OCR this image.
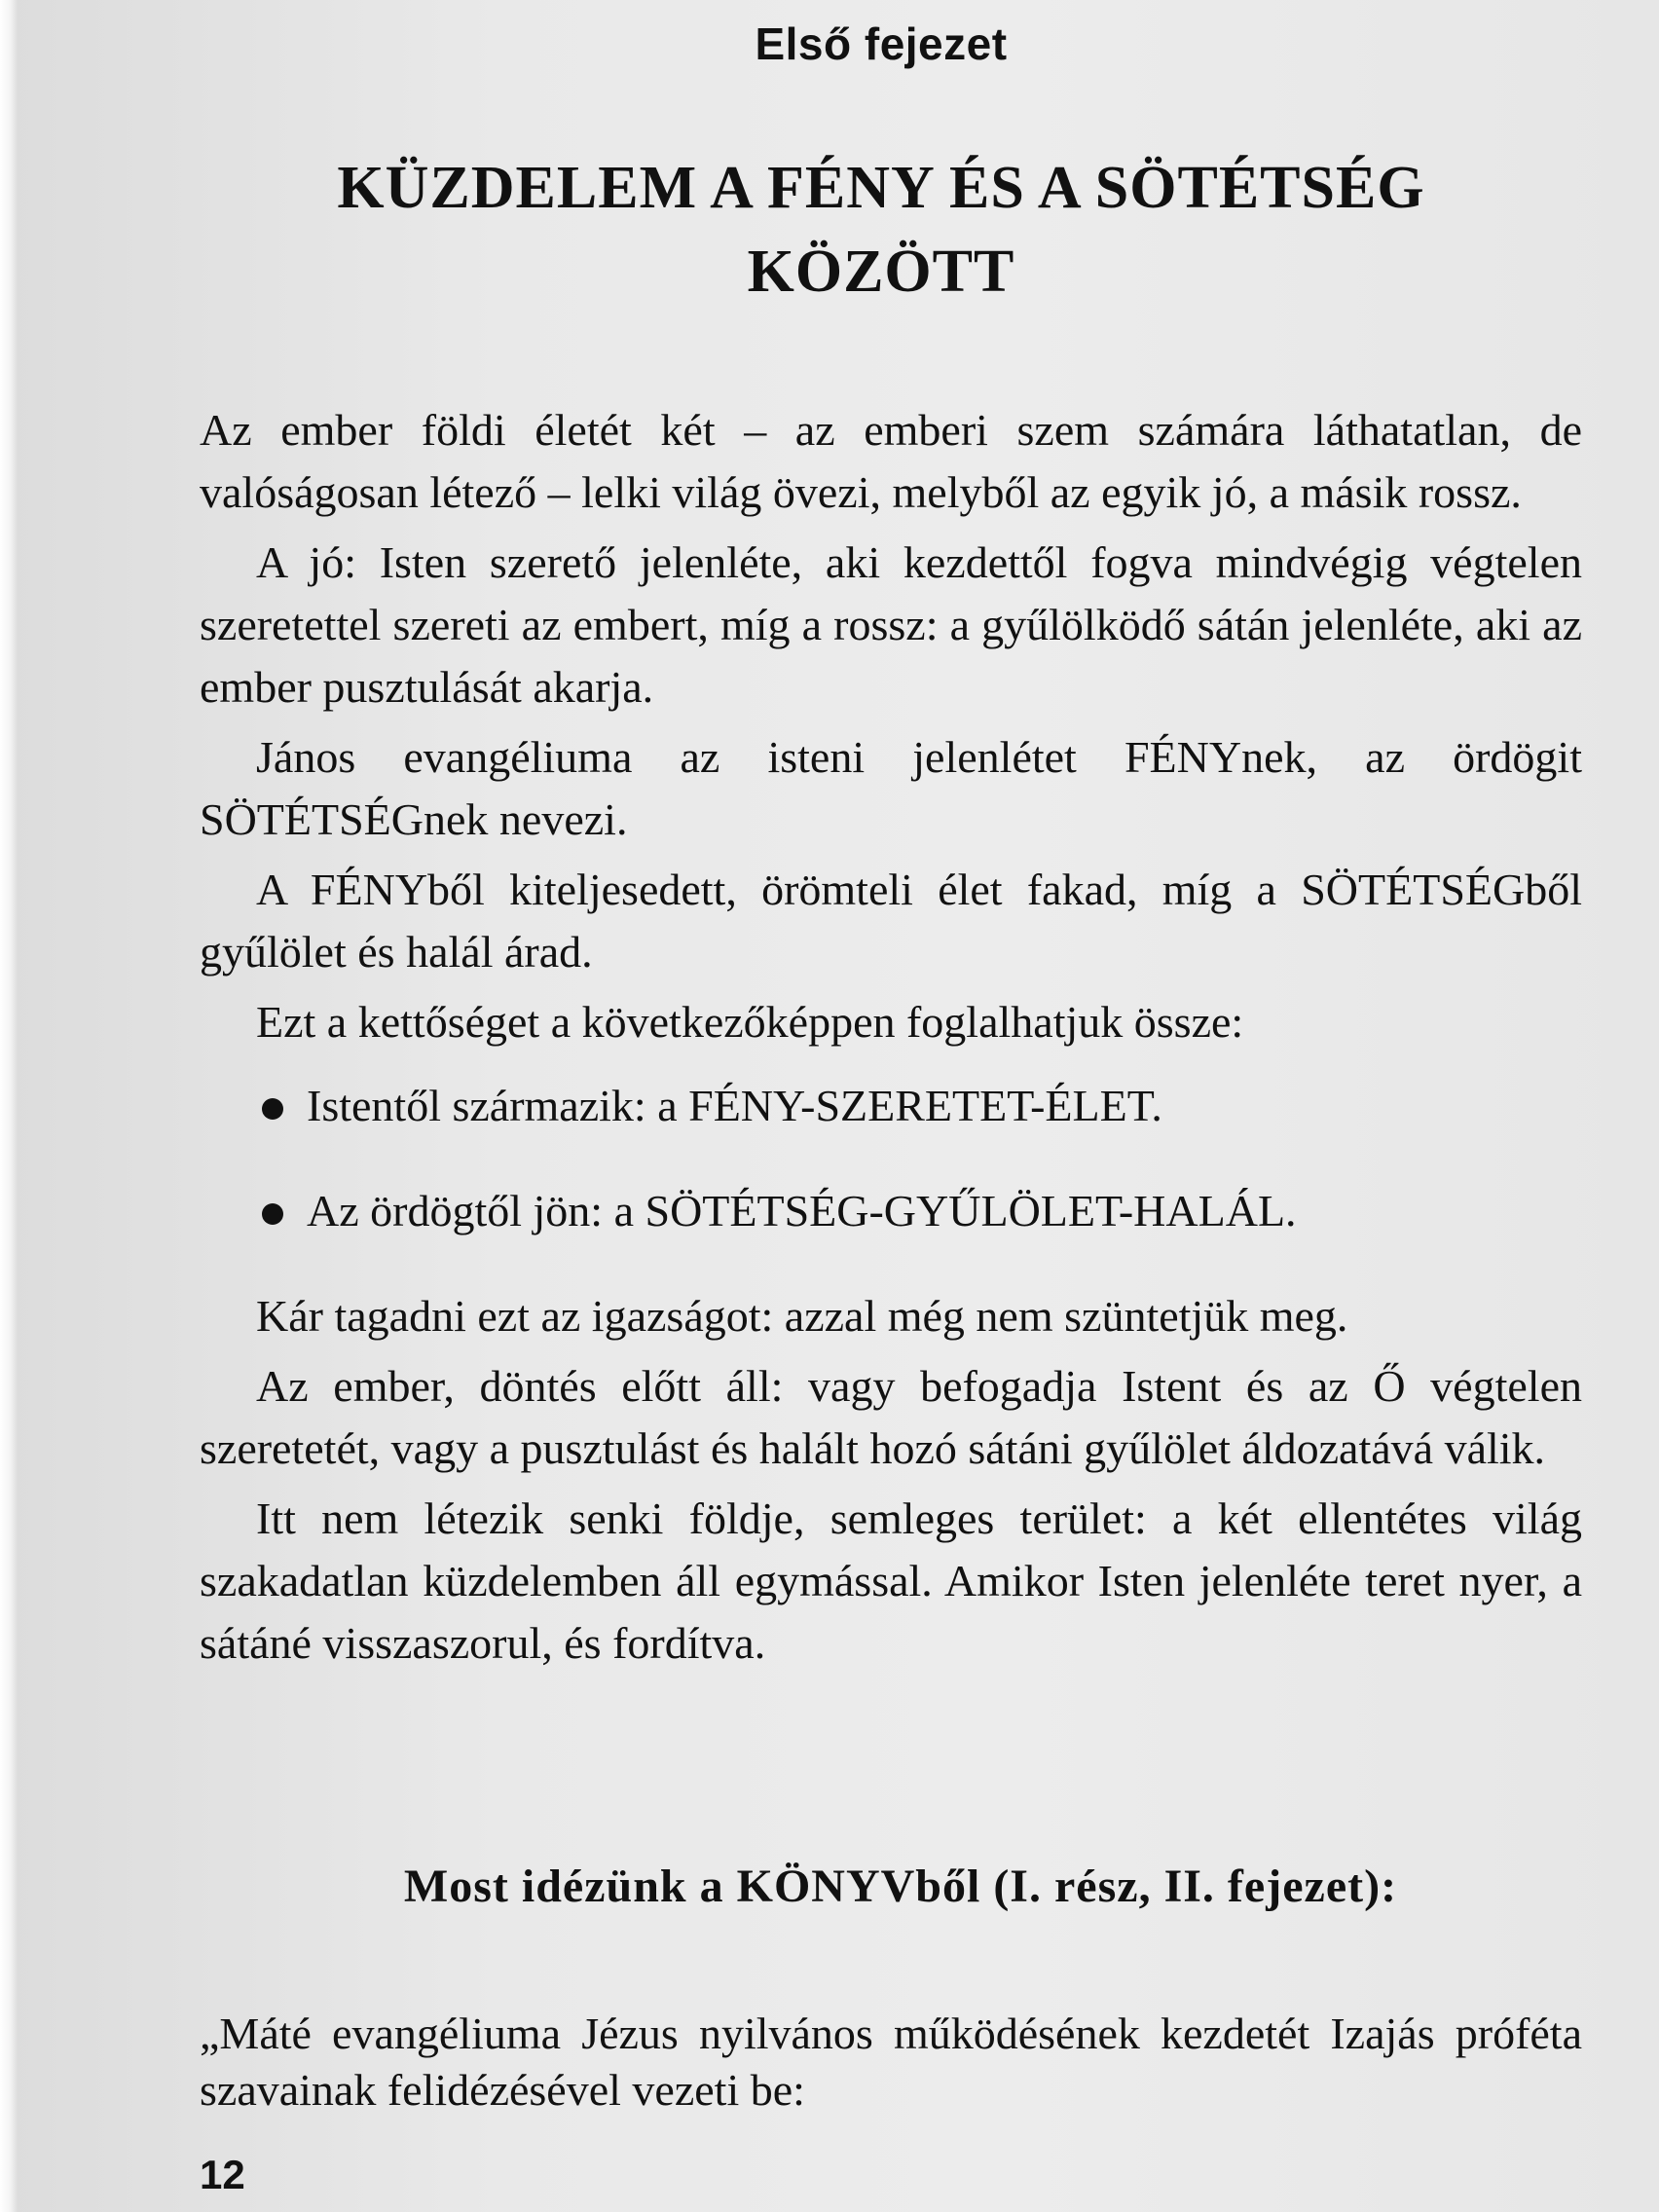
Első fejezet
KÜZDELEM A FÉNY ÉS A SÖTÉTSÉG
KÖZÖTT

Az ember földi életét két – az emberi szem számára láthatatlan, de valóságosan létező – lelki világ övezi, melyből az egyik jó, a másik rossz.

A jó: Isten szerető jelenléte, aki kezdettől fogva mindvégig végtelen szeretettel szereti az embert, míg a rossz: a gyűlölködő sátán jelenléte, aki az ember pusztulását akarja.

János evangéliuma az isteni jelenlétet FÉNYnek, az ördögit SÖTÉTSÉGnek nevezi.

A FÉNYből kiteljesedett, örömteli élet fakad, míg a SÖTÉTSÉGből gyűlölet és halál árad.

Ezt a kettőséget a következőképpen foglalhatjuk össze:

Istentől származik: a FÉNY-SZERETET-ÉLET.
Az ördögtől jön: a SÖTÉTSÉG-GYŰLÖLET-HALÁL.

Kár tagadni ezt az igazságot: azzal még nem szüntetjük meg.

Az ember, döntés előtt áll: vagy befogadja Istent és az Ő végtelen szeretetét, vagy a pusztulást és halált hozó sátáni gyűlölet áldozatává válik.

Itt nem létezik senki földje, semleges terület: a két ellentétes világ szakadatlan küzdelemben áll egymással. Amikor Isten jelenléte teret nyer, a sátáné visszaszorul, és fordítva.

Most idézünk a KÖNYVből (I. rész, II. fejezet):

„Máté evangéliuma Jézus nyilvános működésének kezdetét Izajás próféta szavainak felidézésével vezeti be:

12
